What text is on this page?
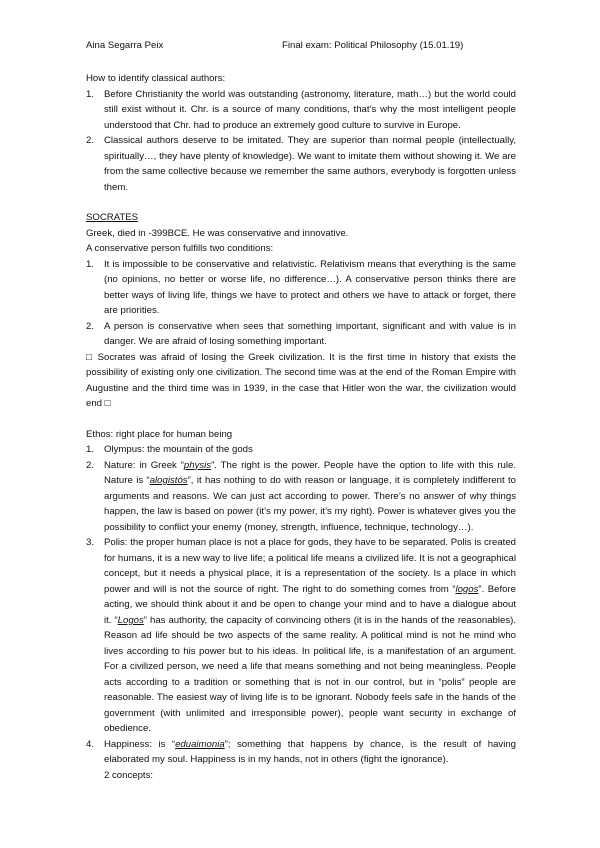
Aina Segarra Peix	Final exam: Political Philosophy (15.01.19)

How to identify classical authors:

1. Before Christianity the world was outstanding (astronomy, literature, math…) but the world could still exist without it. Chr. is a source of many conditions, that’s why the most intelligent people understood that Chr. had to produce an extremely good culture to survive in Europe.
2. Classical authors deserve to be imitated. They are superior than normal people (intellectually, spiritually…, they have plenty of knowledge). We want to imitate them without showing it. We are from the same collective because we remember the same authors, everybody is forgotten unless them.

SOCRATES

Greek, died in -399BCE. He was conservative and innovative.

A conservative person fulfills two conditions:

1. It is impossible to be conservative and relativistic. Relativism means that everything is the same (no opinions, no better or worse life, no difference…). A conservative person thinks there are better ways of living life, things we have to protect and others we have to attack or forget, there are priorities.
2. A person is conservative when sees that something important, significant and with value is in danger. We are afraid of losing something important.

□ Socrates was afraid of losing the Greek civilization. It is the first time in history that exists the possibility of existing only one civilization. The second time was at the end of the Roman Empire with Augustine and the third time was in 1939, in the case that Hitler won the war, the civilization would end □

Ethos: right place for human being

1. Olympus: the mountain of the gods
2. Nature: in Greek “physis”. The right is the power. People have the option to life with this rule. Nature is “alogistós”, it has nothing to do with reason or language, it is completely indifferent to arguments and reasons. We can just act according to power. There’s no answer of why things happen, the law is based on power (it’s my power, it’s my right). Power is whatever gives you the possibility to conflict your enemy (money, strength, influence, technique, technology…).
3. Polis: the proper human place is not a place for gods, they have to be separated. Polis is created for humans, it is a new way to live life; a political life means a civilized life. It is not a geographical concept, but it needs a physical place, it is a representation of the society. Is a place in which power and will is not the source of right. The right to do something comes from “logos”. Before acting, we should think about it and be open to change your mind and to have a dialogue about it. “Logos” has authority, the capacity of convincing others (it is in the hands of the reasonables). Reason ad life should be two aspects of the same reality. A political mind is not he mind who lives according to his power but to his ideas. In political life, is a manifestation of an argument. For a civilized person, we need a life that means something and not being meaningless. People acts according to a tradition or something that is not in our control, but in “polis” people are reasonable. The easiest way of living life is to be ignorant. Nobody feels safe in the hands of the government (with unlimited and irresponsible power), people want security in exchange of obedience.
4. Happiness: is “eduaimonia”; something that happens by chance, is the result of having elaborated my soul. Happiness is in my hands, not in others (fight the ignorance).

2 concepts:
